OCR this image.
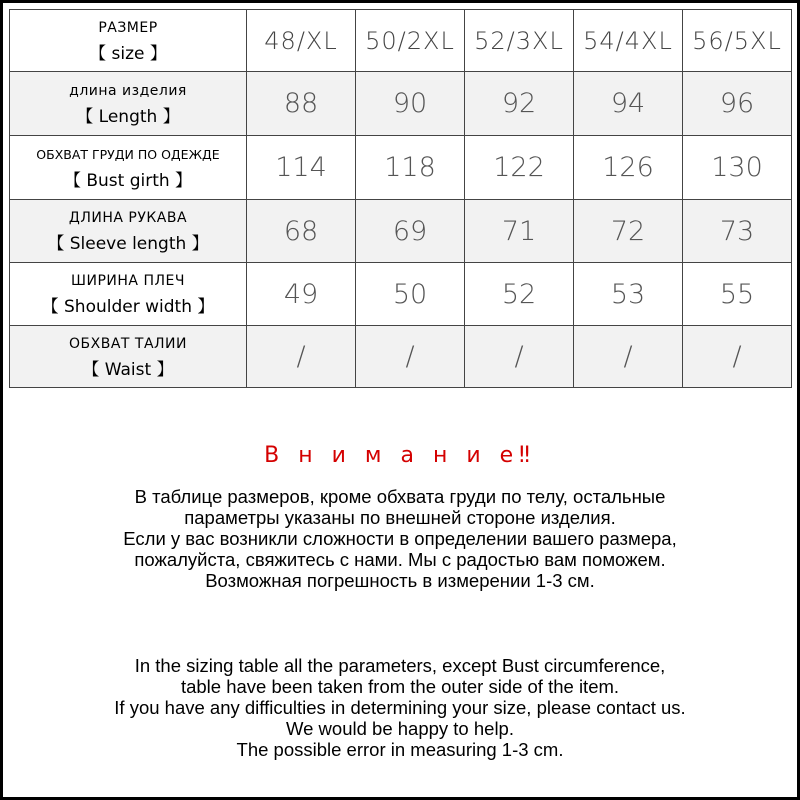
РАЗМЕР
【 size 】	48/XL	50/2XL	52/3XL	54/4XL	56/5XL

длина изделия
【 Length 】	88	90	92	94	96

ОБХВАТ ГРУДИ ПО ОДЕЖДЕ
【 Bust girth 】	114	118	122	126	130

ДЛИНА РУКАВА
【 Sleeve length 】	68	69	71	72	73

ШИРИНА ПЛЕЧ
【 Shoulder width 】	49	50	52	53	55

ОБХВАТ ТАЛИИ
【 Waist 】	/	/	/	/	/
В н и м а н и е‼
В таблице размеров, кроме обхвата груди по телу, остальные
параметры указаны по внешней стороне изделия.
Если у вас возникли сложности в определении вашего размера,
пожалуйста, свяжитесь с нами. Мы с радостью вам поможем.
Возможная погрешность в измерении 1-3 см.
In the sizing table all the parameters, except Bust circumference,
table have been taken from the outer side of the item.
If you have any difficulties in determining your size, please contact us.
We would be happy to help.
The possible error in measuring 1-3 cm.
